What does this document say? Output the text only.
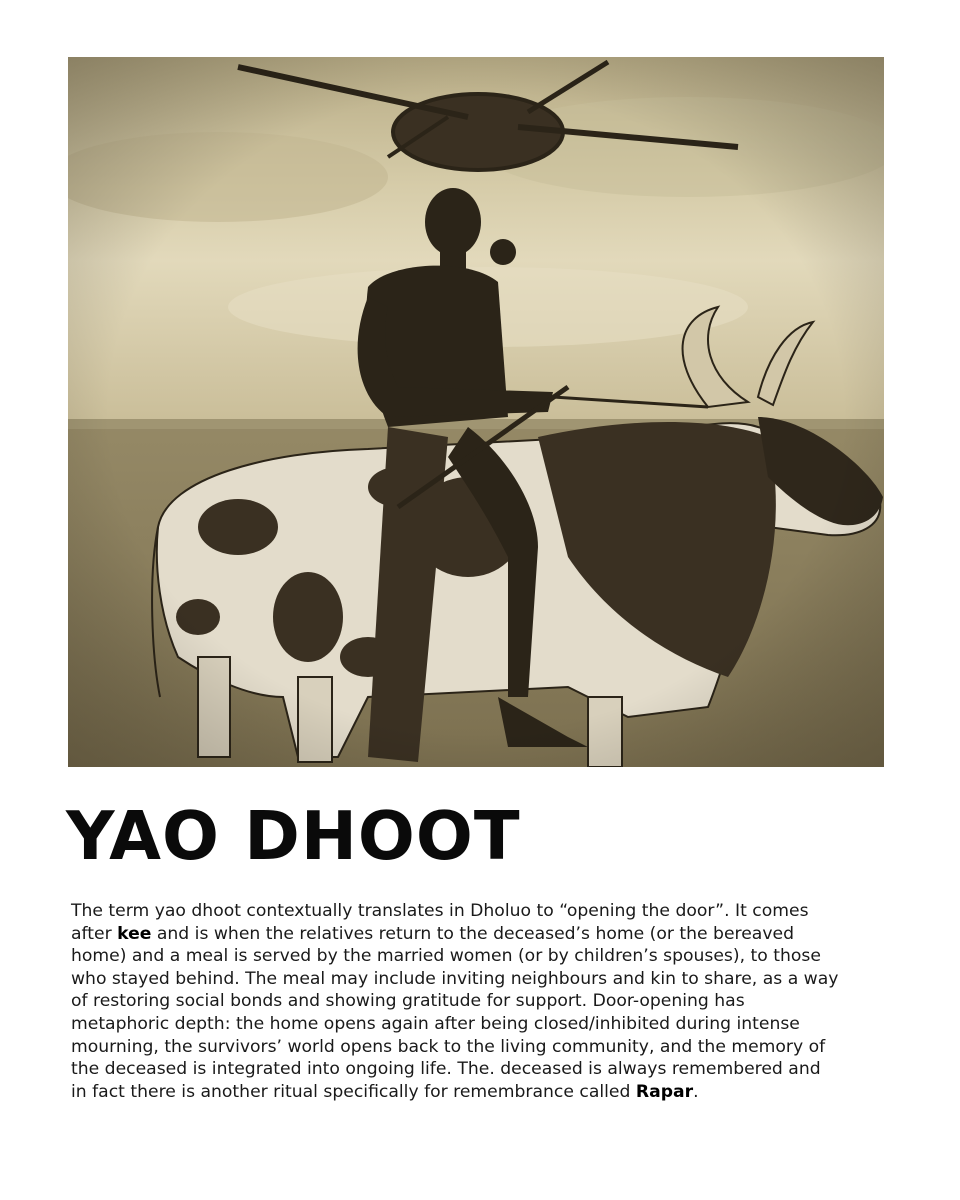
YAO DHOOT

The term yao dhoot contextually translates in Dholuo to “opening the door”. It comes after kee and is when the relatives return to the deceased’s home (or the bereaved home) and a meal is served by the married women (or by children’s spouses), to those who stayed behind. The meal may include inviting neighbours and kin to share, as a way of restoring social bonds and showing gratitude for support. Door-opening has metaphoric depth: the home opens again after being closed/inhibited during intense mourning, the survivors’ world opens back to the living community, and the memory of the deceased is integrated into ongoing life. The. deceased is always remembered and in fact there is another ritual specifically for remembrance called Rapar.
